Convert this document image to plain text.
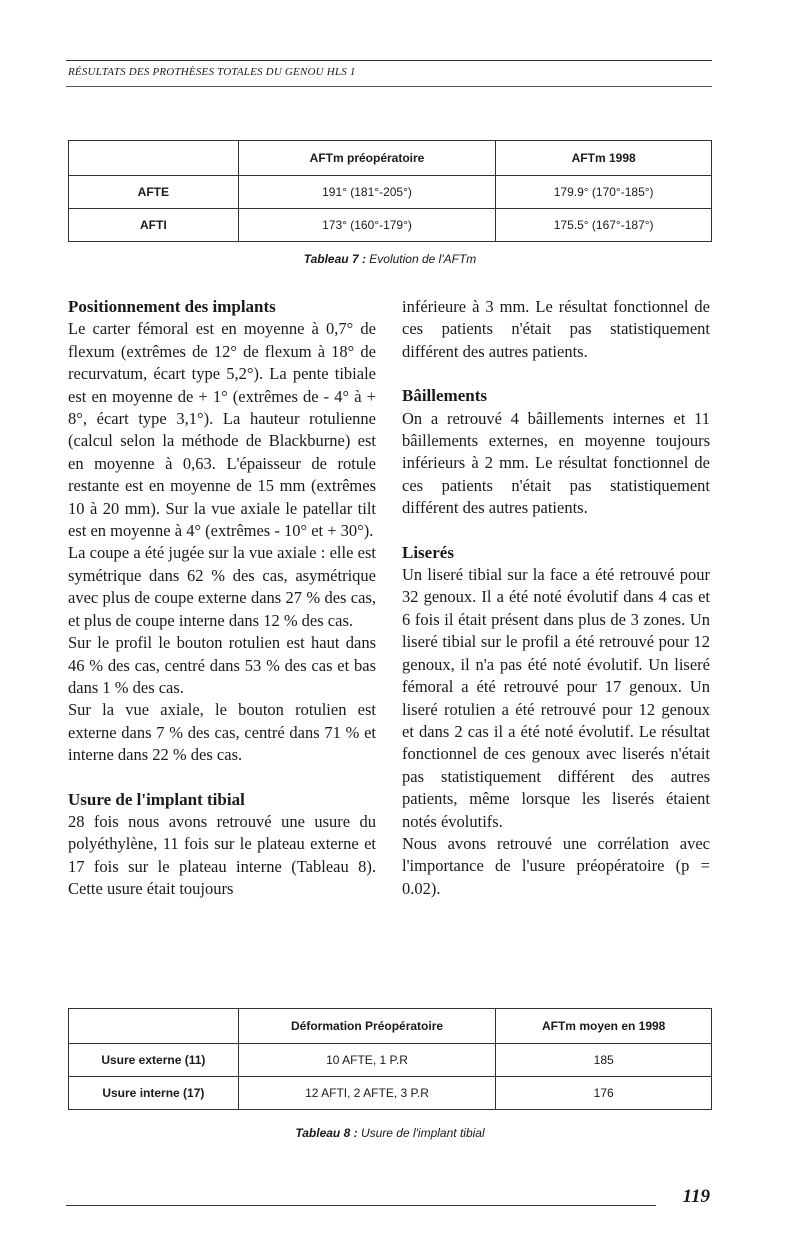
RÉSULTATS DES PROTHÈSES TOTALES DU GENOU HLS 1
	AFTm préopératoire	AFTm 1998
AFTE	191° (181°-205°)	179.9° (170°-185°)
AFTI	173° (160°-179°)	175.5° (167°-187°)
Tableau 7 : Evolution de l'AFTm
Positionnement des implants

Le carter fémoral est en moyenne à 0,7° de flexum (extrêmes de 12° de flexum à 18° de recurvatum, écart type 5,2°). La pente tibiale est en moyenne de + 1° (extrêmes de - 4° à + 8°, écart type 3,1°). La hauteur rotulienne (calcul selon la méthode de Blackburne) est en moyenne à 0,63. L'épaisseur de rotule restante est en moyenne de 15 mm (extrêmes 10 à 20 mm). Sur la vue axiale le patellar tilt est en moyenne à 4° (extrêmes - 10° et + 30°).

La coupe a été jugée sur la vue axiale : elle est symétrique dans 62 % des cas, asymétrique avec plus de coupe externe dans 27 % des cas, et plus de coupe interne dans 12 % des cas.

Sur le profil le bouton rotulien est haut dans 46 % des cas, centré dans 53 % des cas et bas dans 1 % des cas.

Sur la vue axiale, le bouton rotulien est externe dans 7 % des cas, centré dans 71 % et interne dans 22 % des cas.

Usure de l'implant tibial

28 fois nous avons retrouvé une usure du polyéthylène, 11 fois sur le plateau externe et 17 fois sur le plateau interne (Tableau 8). Cette usure était toujours

inférieure à 3 mm. Le résultat fonctionnel de ces patients n'était pas statistiquement différent des autres patients.

Bâillements

On a retrouvé 4 bâillements internes et 11 bâillements externes, en moyenne toujours inférieurs à 2 mm. Le résultat fonctionnel de ces patients n'était pas statistiquement différent des autres patients.

Liserés

Un liseré tibial sur la face a été retrouvé pour 32 genoux. Il a été noté évolutif dans 4 cas et 6 fois il était présent dans plus de 3 zones. Un liseré tibial sur le profil a été retrouvé pour 12 genoux, il n'a pas été noté évolutif. Un liseré fémoral a été retrouvé pour 17 genoux. Un liseré rotulien a été retrouvé pour 12 genoux et dans 2 cas il a été noté évolutif. Le résultat fonctionnel de ces genoux avec liserés n'était pas statistiquement différent des autres patients, même lorsque les liserés étaient notés évolutifs.

Nous avons retrouvé une corrélation avec l'importance de l'usure préopératoire (p = 0.02).

	Déformation Préopératoire	AFTm moyen en 1998
Usure externe (11)	10 AFTE, 1 P.R	185
Usure interne (17)	12 AFTI, 2 AFTE, 3 P.R	176
Tableau 8 : Usure de l'implant tibial
119
